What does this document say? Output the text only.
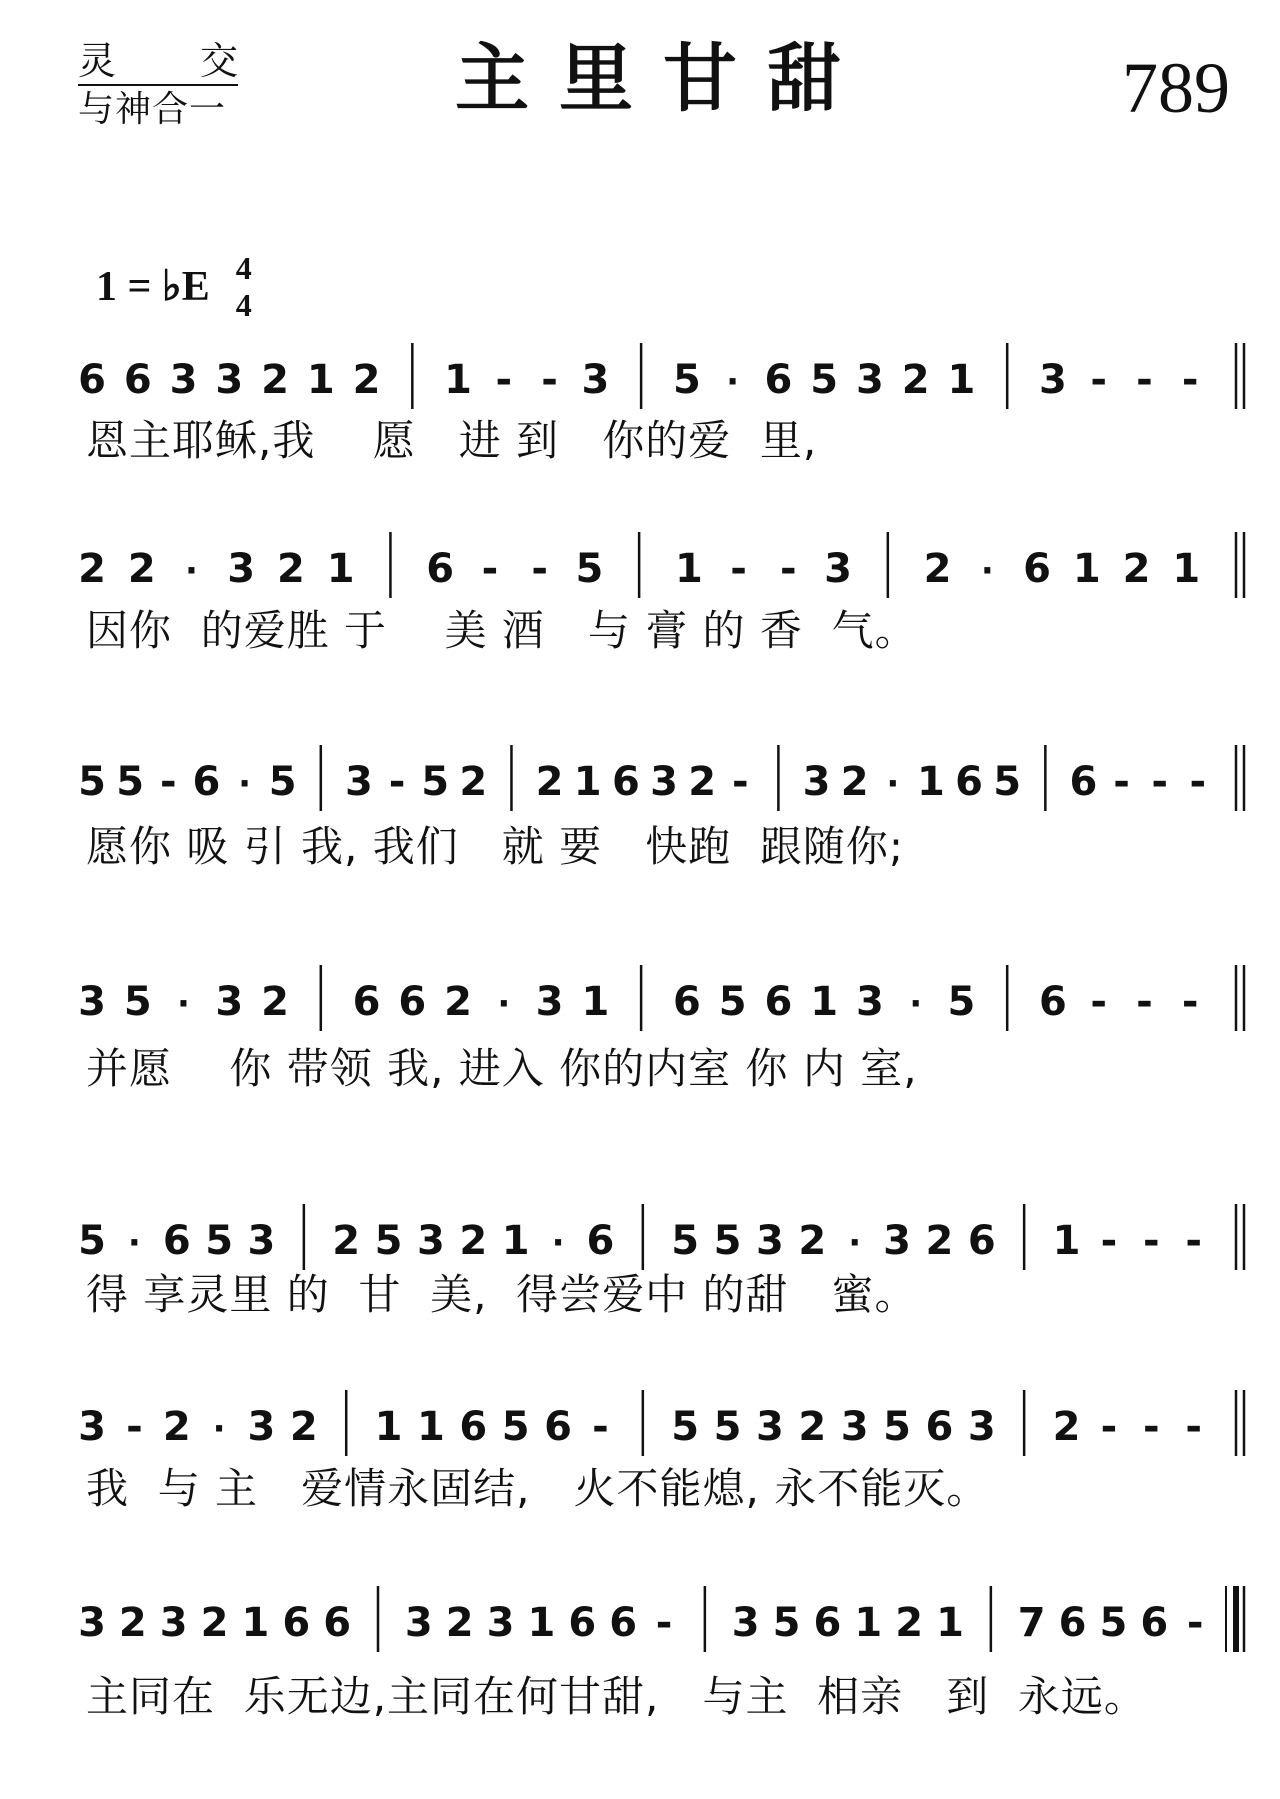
灵 交
与神合一	主里甘甜	789
1 = ♭E 4
4
6 6 3 3 2 1 2 1 - - 3 5 · 6 5 3 2 1 3 - - -
2 2 · 3 2 1 6 - - 5 1 - - 3 2 · 6 1 2 1
5 5 - 6 · 5 3 - 5 2 2 1 6 3 2 - 3 2 · 1 6 5 6 - - -
3 5 · 3 2 6 6 2 · 3 1 6 5 6 1 3 · 5 6 - - -
5 · 6 5 3 2 5 3 2 1 · 6 5 5 3 2 · 3 2 6 1 - - -
3 - 2 · 3 2 1 1 6 5 6 - 5 5 3 2 3 5 6 3 2 - - -
3 2 3 2 1 6 6 3 2 3 1 6 6 - 3 5 6 1 2 1 7 6 5 6 -
恩主耶稣,我    愿   进 到   你的爱  里,
因你  的爱胜 于    美 酒   与 膏 的 香  气。
愿你 吸 引 我, 我们   就 要   快跑  跟随你;
并愿    你 带领 我, 进入 你的内室 你 内 室,
得 享灵里 的  甘  美,  得尝爱中 的甜   蜜。
我  与 主   爱情永固结,   火不能熄, 永不能灭。
主同在  乐无边,主同在何甘甜,   与主  相亲   到  永远。
